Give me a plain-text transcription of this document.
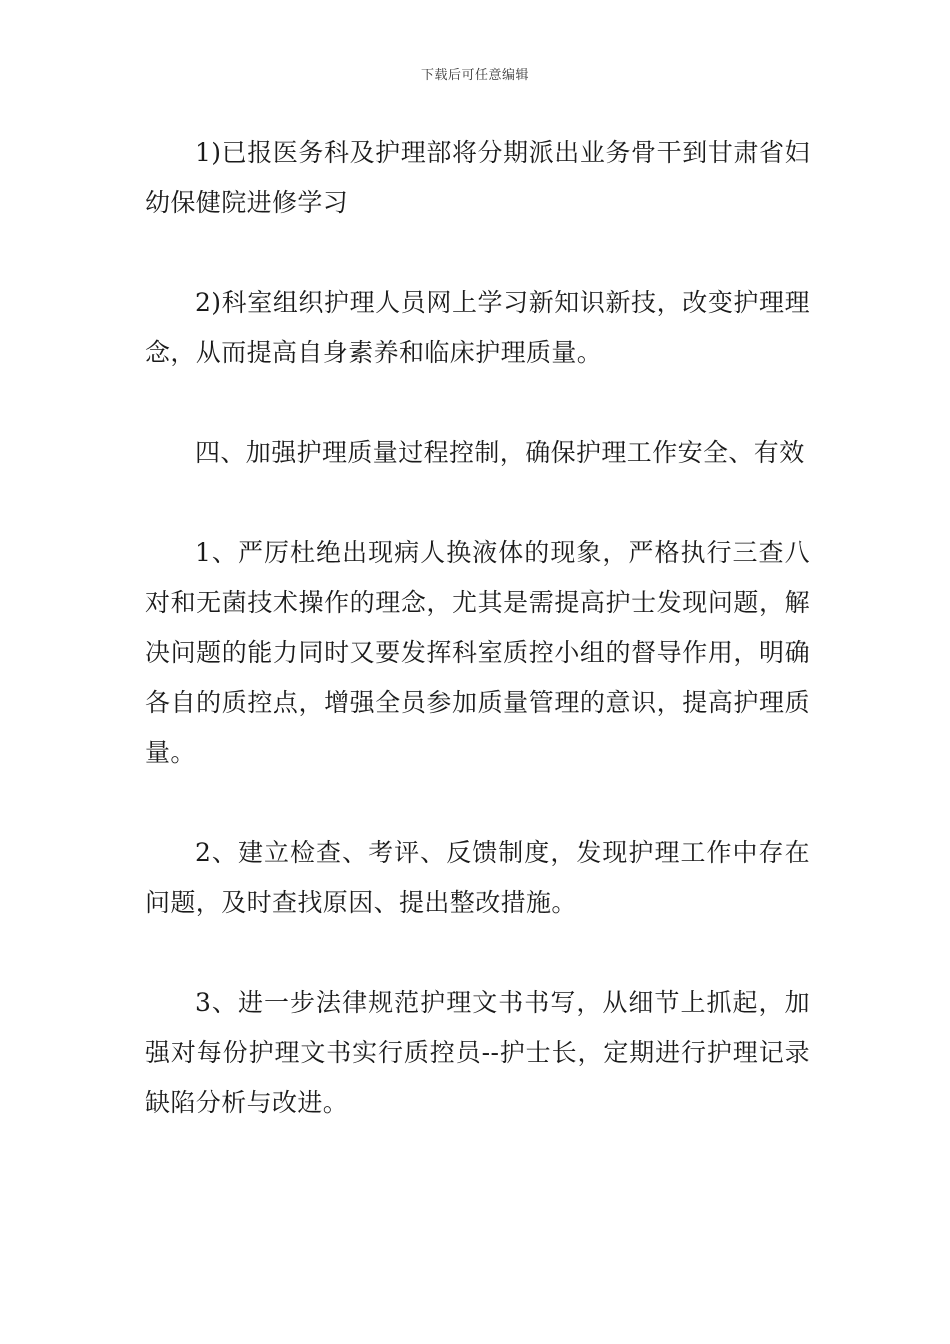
下载后可任意编辑

1)已报医务科及护理部将分期派出业务骨干到甘肃省妇幼保健院进修学习

2)科室组织护理人员网上学习新知识新技，改变护理理念，从而提高自身素养和临床护理质量。

四、加强护理质量过程控制，确保护理工作安全、有效

1、严厉杜绝出现病人换液体的现象，严格执行三查八对和无菌技术操作的理念，尤其是需提高护士发现问题，解决问题的能力同时又要发挥科室质控小组的督导作用，明确各自的质控点，增强全员参加质量管理的意识，提高护理质量。

2、建立检查、考评、反馈制度，发现护理工作中存在问题，及时查找原因、提出整改措施。

3、进一步法律规范护理文书书写，从细节上抓起，加强对每份护理文书实行质控员--护士长，定期进行护理记录缺陷分析与改进。
